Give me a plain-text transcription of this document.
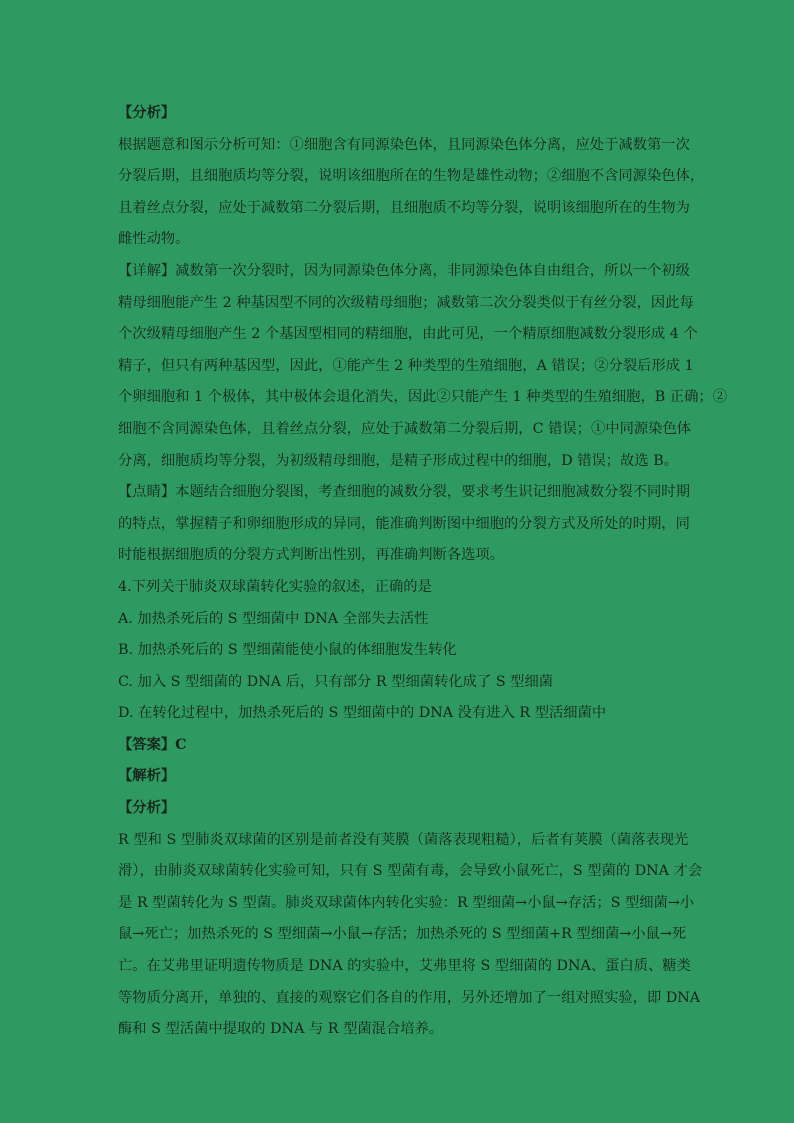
【分析】
根据题意和图示分析可知：①细胞含有同源染色体，且同源染色体分离，应处于减数第一次
分裂后期，且细胞质均等分裂，说明该细胞所在的生物是雄性动物；②细胞不含同源染色体，
且着丝点分裂，应处于减数第二分裂后期，且细胞质不均等分裂，说明该细胞所在的生物为
雌性动物。
【详解】减数第一次分裂时，因为同源染色体分离，非同源染色体自由组合，所以一个初级
精母细胞能产生 2 种基因型不同的次级精母细胞；减数第二次分裂类似于有丝分裂，因此每
个次级精母细胞产生 2 个基因型相同的精细胞，由此可见，一个精原细胞减数分裂形成 4 个
精子，但只有两种基因型，因此，①能产生 2 种类型的生殖细胞，A 错误；②分裂后形成 1
个卵细胞和 1 个极体，其中极体会退化消失，因此②只能产生 1 种类型的生殖细胞，B 正确；②
细胞不含同源染色体，且着丝点分裂，应处于减数第二分裂后期，C 错误；①中同源染色体
分离，细胞质均等分裂，为初级精母细胞，是精子形成过程中的细胞，D 错误；故选 B。
【点睛】本题结合细胞分裂图，考查细胞的减数分裂，要求考生识记细胞减数分裂不同时期
的特点，掌握精子和卵细胞形成的异同，能准确判断图中细胞的分裂方式及所处的时期，同
时能根据细胞质的分裂方式判断出性别，再准确判断各选项。
4.下列关于肺炎双球菌转化实验的叙述，正确的是
A. 加热杀死后的 S 型细菌中 DNA 全部失去活性
B. 加热杀死后的 S 型细菌能使小鼠的体细胞发生转化
C. 加入 S 型细菌的 DNA 后，只有部分 R 型细菌转化成了 S 型细菌
D. 在转化过程中，加热杀死后的 S 型细菌中的 DNA 没有进入 R 型活细菌中
【答案】C
【解析】
【分析】
R 型和 S 型肺炎双球菌的区别是前者没有荚膜（菌落表现粗糙），后者有荚膜（菌落表现光
滑），由肺炎双球菌转化实验可知，只有 S 型菌有毒，会导致小鼠死亡，S 型菌的 DNA 才会
是 R 型菌转化为 S 型菌。肺炎双球菌体内转化实验：R 型细菌→小鼠→存活；S 型细菌→小
鼠→死亡；加热杀死的 S 型细菌→小鼠→存活；加热杀死的 S 型细菌+R 型细菌→小鼠→死
亡。在艾弗里证明遗传物质是 DNA 的实验中，艾弗里将 S 型细菌的 DNA、蛋白质、糖类
等物质分离开，单独的、直接的观察它们各自的作用，另外还增加了一组对照实验，即 DNA
酶和 S 型活菌中提取的 DNA 与 R 型菌混合培养。
